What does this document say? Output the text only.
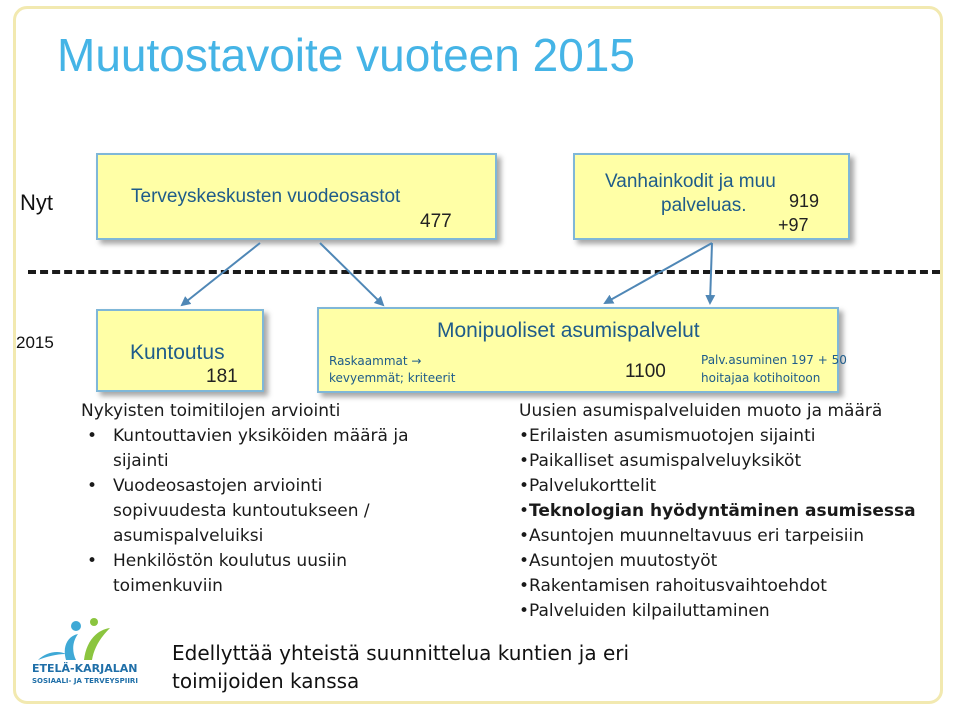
Muutostavoite vuoteen 2015
Nyt
2015
Terveyskeskusten vuodeosastot
477
Vanhainkodit ja muu
palveluas. 919
+97
Kuntoutus
181
Monipuoliset asumispalvelut
Raskaammat →
kevyemmät; kriteerit	1100
Palv.asuminen 197 + 50
hoitajaa kotihoitoon
Nykyisten toimitilojen arviointi
• Kuntouttavien yksiköiden määrä ja
sijainti
• Vuodeosastojen arviointi
sopivuudesta kuntoutukseen /
asumispalveluiksi
• Henkilöstön koulutus uusiin
toimenkuviin
Uusien asumispalveluiden muoto ja määrä
•Erilaisten asumismuotojen sijainti
•Paikalliset asumispalveluyksiköt
•Palvelukorttelit
•Teknologian hyödyntäminen asumisessa
•Asuntojen muunneltavuus eri tarpeisiin
•Asuntojen muutostyöt
•Rakentamisen rahoitusvaihtoehdot
•Palveluiden kilpailuttaminen
Edellyttää yhteistä suunnittelua kuntien ja eri
toimijoiden kanssa
ETELÄ-KARJALAN
SOSIAALI- JA TERVEYSPIIRI
